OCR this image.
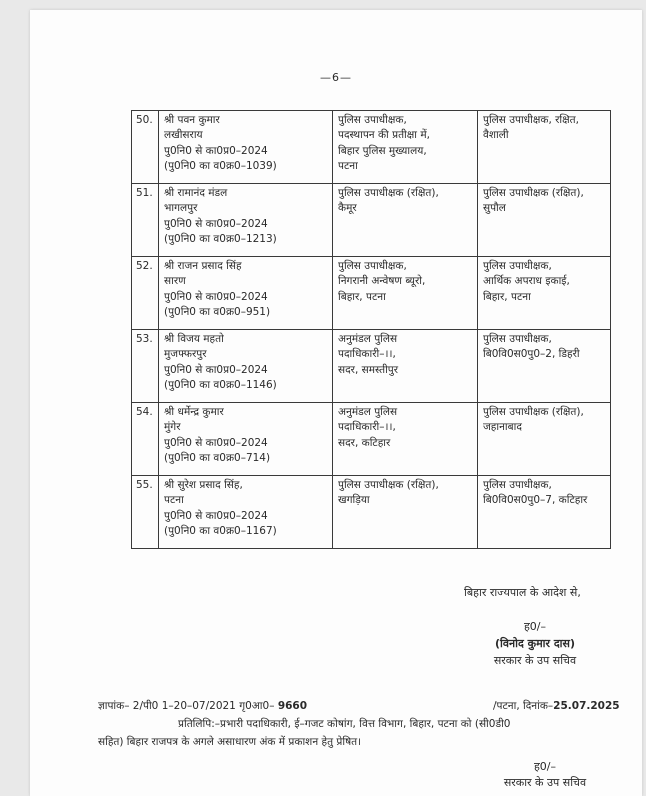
—6—
50.	श्री पवन कुमार
लखीसराय
पु0नि0 से का0प्र0–2024
(पु0नि0 का व0क्र0–1039)	पुलिस उपाधीक्षक,
पदस्थापन की प्रतीक्षा में,
बिहार पुलिस मुख्यालय,
पटना	पुलिस उपाधीक्षक, रक्षित,
वैशाली

51.	श्री रामानंद मंडल
भागलपुर
पु0नि0 से का0प्र0–2024
(पु0नि0 का व0क्र0–1213)	पुलिस उपाधीक्षक (रक्षित),
कैमूर	पुलिस उपाधीक्षक (रक्षित),
सुपौल

52.	श्री राजन प्रसाद सिंह
सारण
पु0नि0 से का0प्र0–2024
(पु0नि0 का व0क्र0–951)	पुलिस उपाधीक्षक,
निगरानी अन्वेषण ब्यूरो,
बिहार, पटना	पुलिस उपाधीक्षक,
आर्थिक अपराध इकाई,
बिहार, पटना

53.	श्री विजय महतो
मुजफ्फरपुर
पु0नि0 से का0प्र0–2024
(पु0नि0 का व0क्र0–1146)	अनुमंडल पुलिस
पदाधिकारी–।।,
सदर, समस्तीपुर	पुलिस उपाधीक्षक,
बि0वि0स0पु0–2, डिहरी

54.	श्री धर्मेन्द्र कुमार
मुंगेर
पु0नि0 से का0प्र0–2024
(पु0नि0 का व0क्र0–714)	अनुमंडल पुलिस
पदाधिकारी–।।,
सदर, कटिहार	पुलिस उपाधीक्षक (रक्षित),
जहानाबाद

55.	श्री सुरेश प्रसाद सिंह,
पटना
पु0नि0 से का0प्र0–2024
(पु0नि0 का व0क्र0–1167)	पुलिस उपाधीक्षक (रक्षित),
खगड़िया	पुलिस उपाधीक्षक,
बि0वि0स0पु0–7, कटिहार
बिहार राज्यपाल के आदेश से,
ह0/–
(विनोद कुमार दास)
सरकार के उप सचिव
ज्ञापांक– 2/पी0 1–20–07/2021 गृ0आ0– 9660	/पटना, दिनांक–25.07.2025
प्रतिलिपि:–प्रभारी पदाधिकारी, ई–गजट कोषांग, वित्त विभाग, बिहार, पटना को (सी0डी0
सहित) बिहार राजपत्र के अगले असाधारण अंक में प्रकाशन हेतु प्रेषित।
ह0/–
सरकार के उप सचिव
